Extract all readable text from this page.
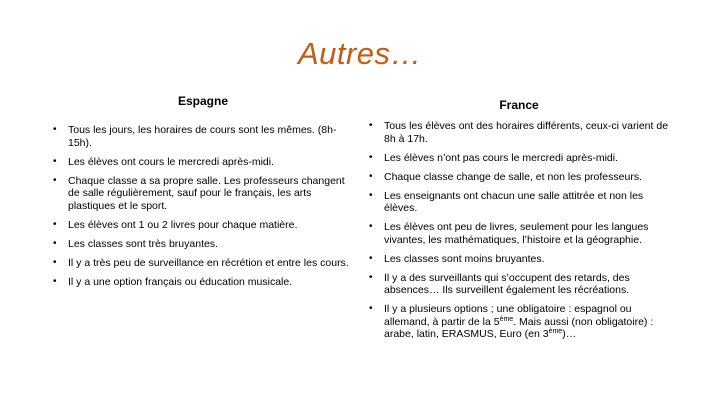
Autres…
Espagne
• Tous les jours, les horaires de cours sont les mêmes. (8h-15h).
• Les élèves ont cours le mercredi après-midi.
• Chaque classe a sa propre salle. Les professeurs changent de salle régulièrement, sauf pour le français, les arts plastiques et le sport.
• Les élèves ont 1 ou 2 livres pour chaque matière.
• Les classes sont très bruyantes.
• Il y a très peu de surveillance en récrétion et entre les cours.
• Il y a une option français ou éducation musicale.
France
• Tous les élèves ont des horaires différents, ceux-ci varient de 8h à 17h.
• Les élèves n’ont pas cours le mercredi après-midi.
• Chaque classe change de salle, et non les professeurs.
• Les enseignants ont chacun une salle attitrée et non les élèves.
• Les élèves ont peu de livres, seulement pour les langues vivantes, les mathématiques, l’histoire et la géographie.
• Les classes sont moins bruyantes.
• Il y a des surveillants qui s’occupent des retards, des absences… Ils surveillent également les récréations.
• Il y a plusieurs options ; une obligatoire : espagnol ou allemand, à partir de la 5ème. Mais aussi (non obligatoire) : arabe, latin, ERASMUS, Euro (en 3ème)…
